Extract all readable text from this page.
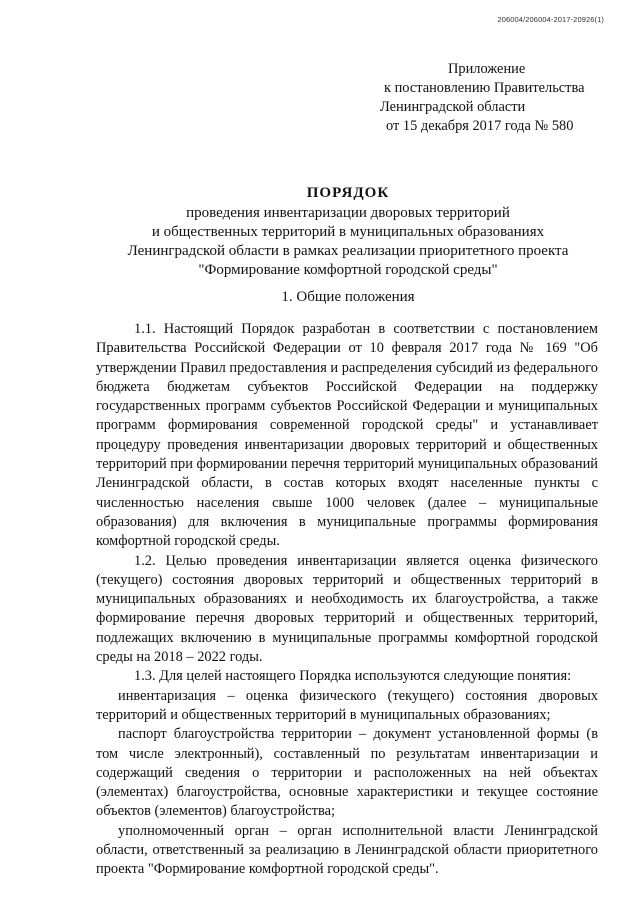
206004/206004-2017-20926(1)
Приложение
к постановлению Правительства
Ленинградской области
от 15 декабря 2017 года № 580
ПОРЯДОК
проведения инвентаризации дворовых территорий
и общественных территорий в муниципальных образованиях
Ленинградской области в рамках реализации приоритетного проекта
"Формирование комфортной городской среды"
1. Общие положения

1.1. Настоящий Порядок разработан в соответствии с постановлением Правительства Российской Федерации от 10 февраля 2017 года № 169 "Об утверждении Правил предоставления и распределения субсидий из федерального бюджета бюджетам субъектов Российской Федерации на поддержку государственных программ субъектов Российской Федерации и муниципальных программ формирования современной городской среды" и устанавливает процедуру проведения инвентаризации дворовых территорий и общественных территорий при формировании перечня территорий муниципальных образований Ленинградской области, в состав которых входят населенные пункты с численностью населения свыше 1000 человек (далее – муниципальные образования) для включения в муниципальные программы формирования комфортной городской среды.

1.2. Целью проведения инвентаризации является оценка физического (текущего) состояния дворовых территорий и общественных территорий в муниципальных образованиях и необходимость их благоустройства, а также формирование перечня дворовых территорий и общественных территорий, подлежащих включению в муниципальные программы комфортной городской среды на 2018 – 2022 годы.

1.3. Для целей настоящего Порядка используются следующие понятия:

инвентаризация – оценка физического (текущего) состояния дворовых территорий и общественных территорий в муниципальных образованиях;

паспорт благоустройства территории – документ установленной формы (в том числе электронный), составленный по результатам инвентаризации и содержащий сведения о территории и расположенных на ней объектах (элементах) благоустройства, основные характеристики и текущее состояние объектов (элементов) благоустройства;

уполномоченный орган – орган исполнительной власти Ленинградской области, ответственный за реализацию в Ленинградской области приоритетного проекта "Формирование комфортной городской среды".
